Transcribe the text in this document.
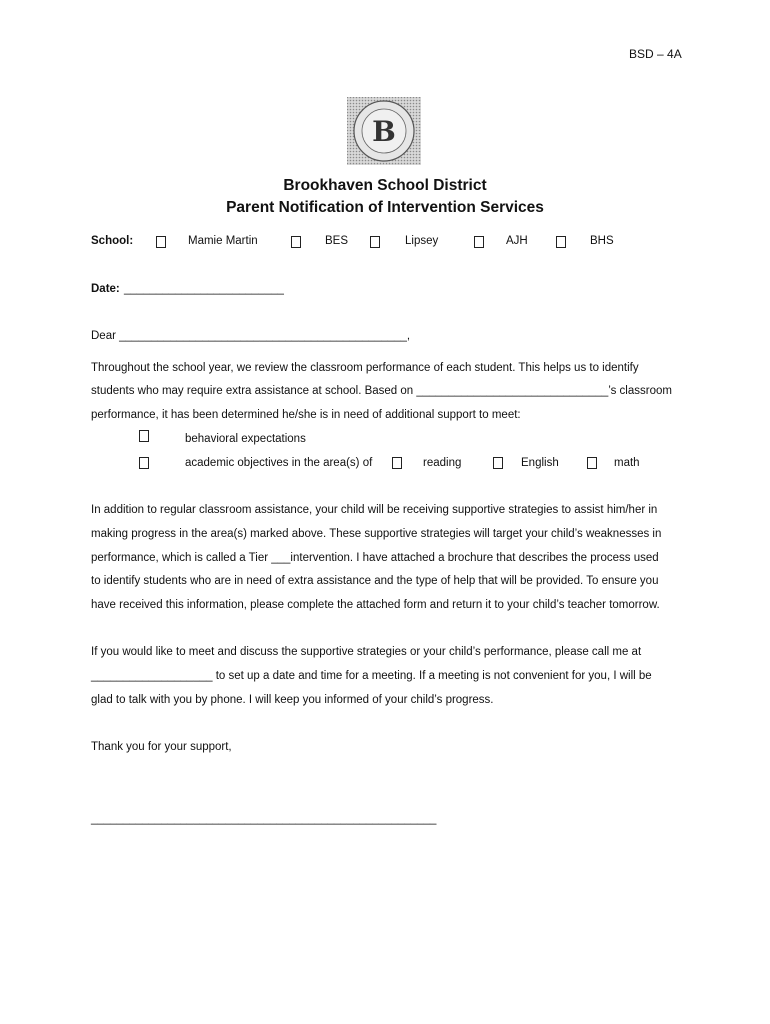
BSD – 4A
B
Brookhaven School District
Parent Notification of Intervention Services
School:	Mamie Martin	BES	Lipsey	AJH	BHS
Date: _________________________
Dear _____________________________________________,
Throughout the school year, we review the classroom performance of each student. This helps us to identify
students who may require extra assistance at school. Based on ______________________________’s classroom
performance, it has been determined he/she is in need of additional support to meet:
behavioral expectations
academic objectives in the area(s) of	reading	English	math
In addition to regular classroom assistance, your child will be receiving supportive strategies to assist him/her in
making progress in the area(s) marked above. These supportive strategies will target your child’s weaknesses in
performance, which is called a Tier ___intervention. I have attached a brochure that describes the process used
to identify students who are in need of extra assistance and the type of help that will be provided. To ensure you
have received this information, please complete the attached form and return it to your child’s teacher tomorrow.
If you would like to meet and discuss the supportive strategies or your child’s performance, please call me at
___________________ to set up a date and time for a meeting. If a meeting is not convenient for you, I will be
glad to talk with you by phone. I will keep you informed of your child’s progress.
Thank you for your support,
______________________________________________________
